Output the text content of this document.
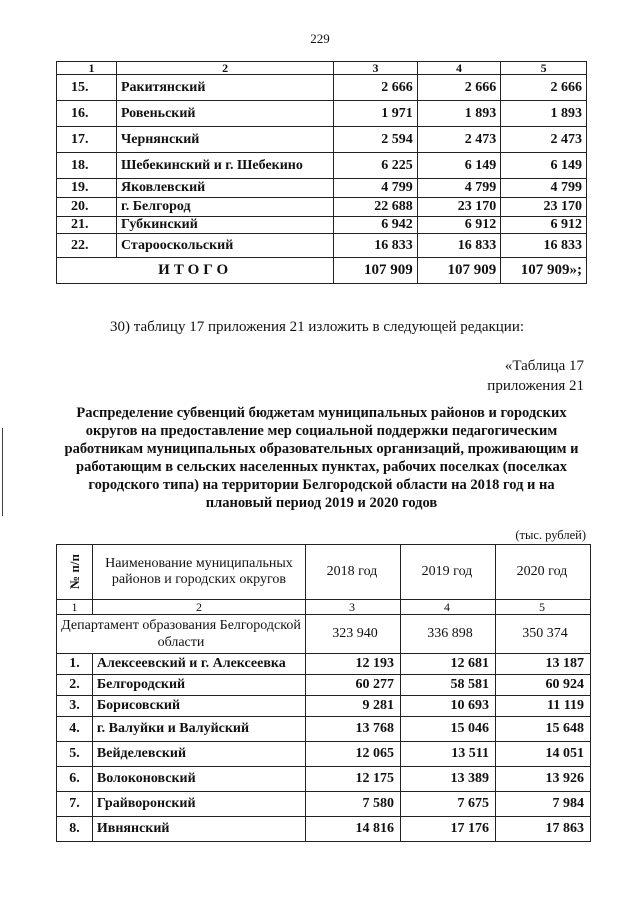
229
1	2	3	4	5
15.	Ракитянский	2 666	2 666	2 666
16.	Ровеньский	1 971	1 893	1 893
17.	Чернянский	2 594	2 473	2 473
18.	Шебекинский и г. Шебекино	6 225	6 149	6 149
19.	Яковлевский	4 799	4 799	4 799
20.	г. Белгород	22 688	23 170	23 170
21.	Губкинский	6 942	6 912	6 912
22.	Старооскольский	16 833	16 833	16 833
ИТОГО		107 909	107 909	107 909»;
30) таблицу 17 приложения 21 изложить в следующей редакции:
«Таблица 17
приложения 21
Распределение субвенций бюджетам муниципальных районов и городских округов на предоставление мер социальной поддержки педагогическим работникам муниципальных образовательных организаций, проживающим и работающим в сельских населенных пунктах, рабочих поселках (поселках городского типа) на территории Белгородской области на 2018 год и на плановый период 2019 и 2020 годов
(тыс. рублей)
№ п/п	Наименование муниципальных районов и городских округов	2018 год	2019 год	2020 год
1	2	3	4	5
Департамент образования Белгородской области		323 940	336 898	350 374
1.	Алексеевский и г. Алексеевка	12 193	12 681	13 187
2.	Белгородский	60 277	58 581	60 924
3.	Борисовский	9 281	10 693	11 119
4.	г. Валуйки и Валуйский	13 768	15 046	15 648
5.	Вейделевский	12 065	13 511	14 051
6.	Волоконовский	12 175	13 389	13 926
7.	Грайворонский	7 580	7 675	7 984
8.	Ивнянский	14 816	17 176	17 863
